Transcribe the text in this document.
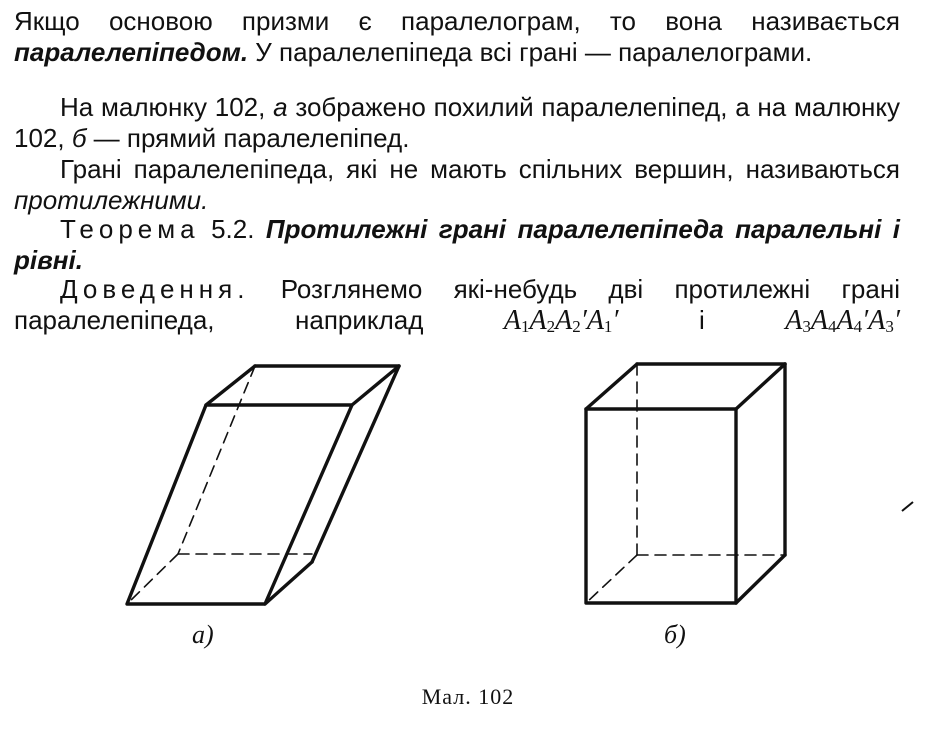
Якщо основою призми є паралелограм, то вона називається паралелепіпедом. У паралелепіпеда всі грані — паралелограми.

На малюнку 102, а зображено похилий паралелепіпед, а на малюнку 102, б — прямий паралелепіпед.

Грані паралелепіпеда, які не мають спільних вершин, називаються протилежними.

Теорема 5.2. Протилежні грані паралелепіпеда паралельні і рівні.

Доведення. Розглянемо які-небудь дві протилежні грані паралелепіпеда, наприклад $A_1A_2A_2'A_1'$ і $A_3A_4A_4'A_3'$

а)	б)
Мал. 102
